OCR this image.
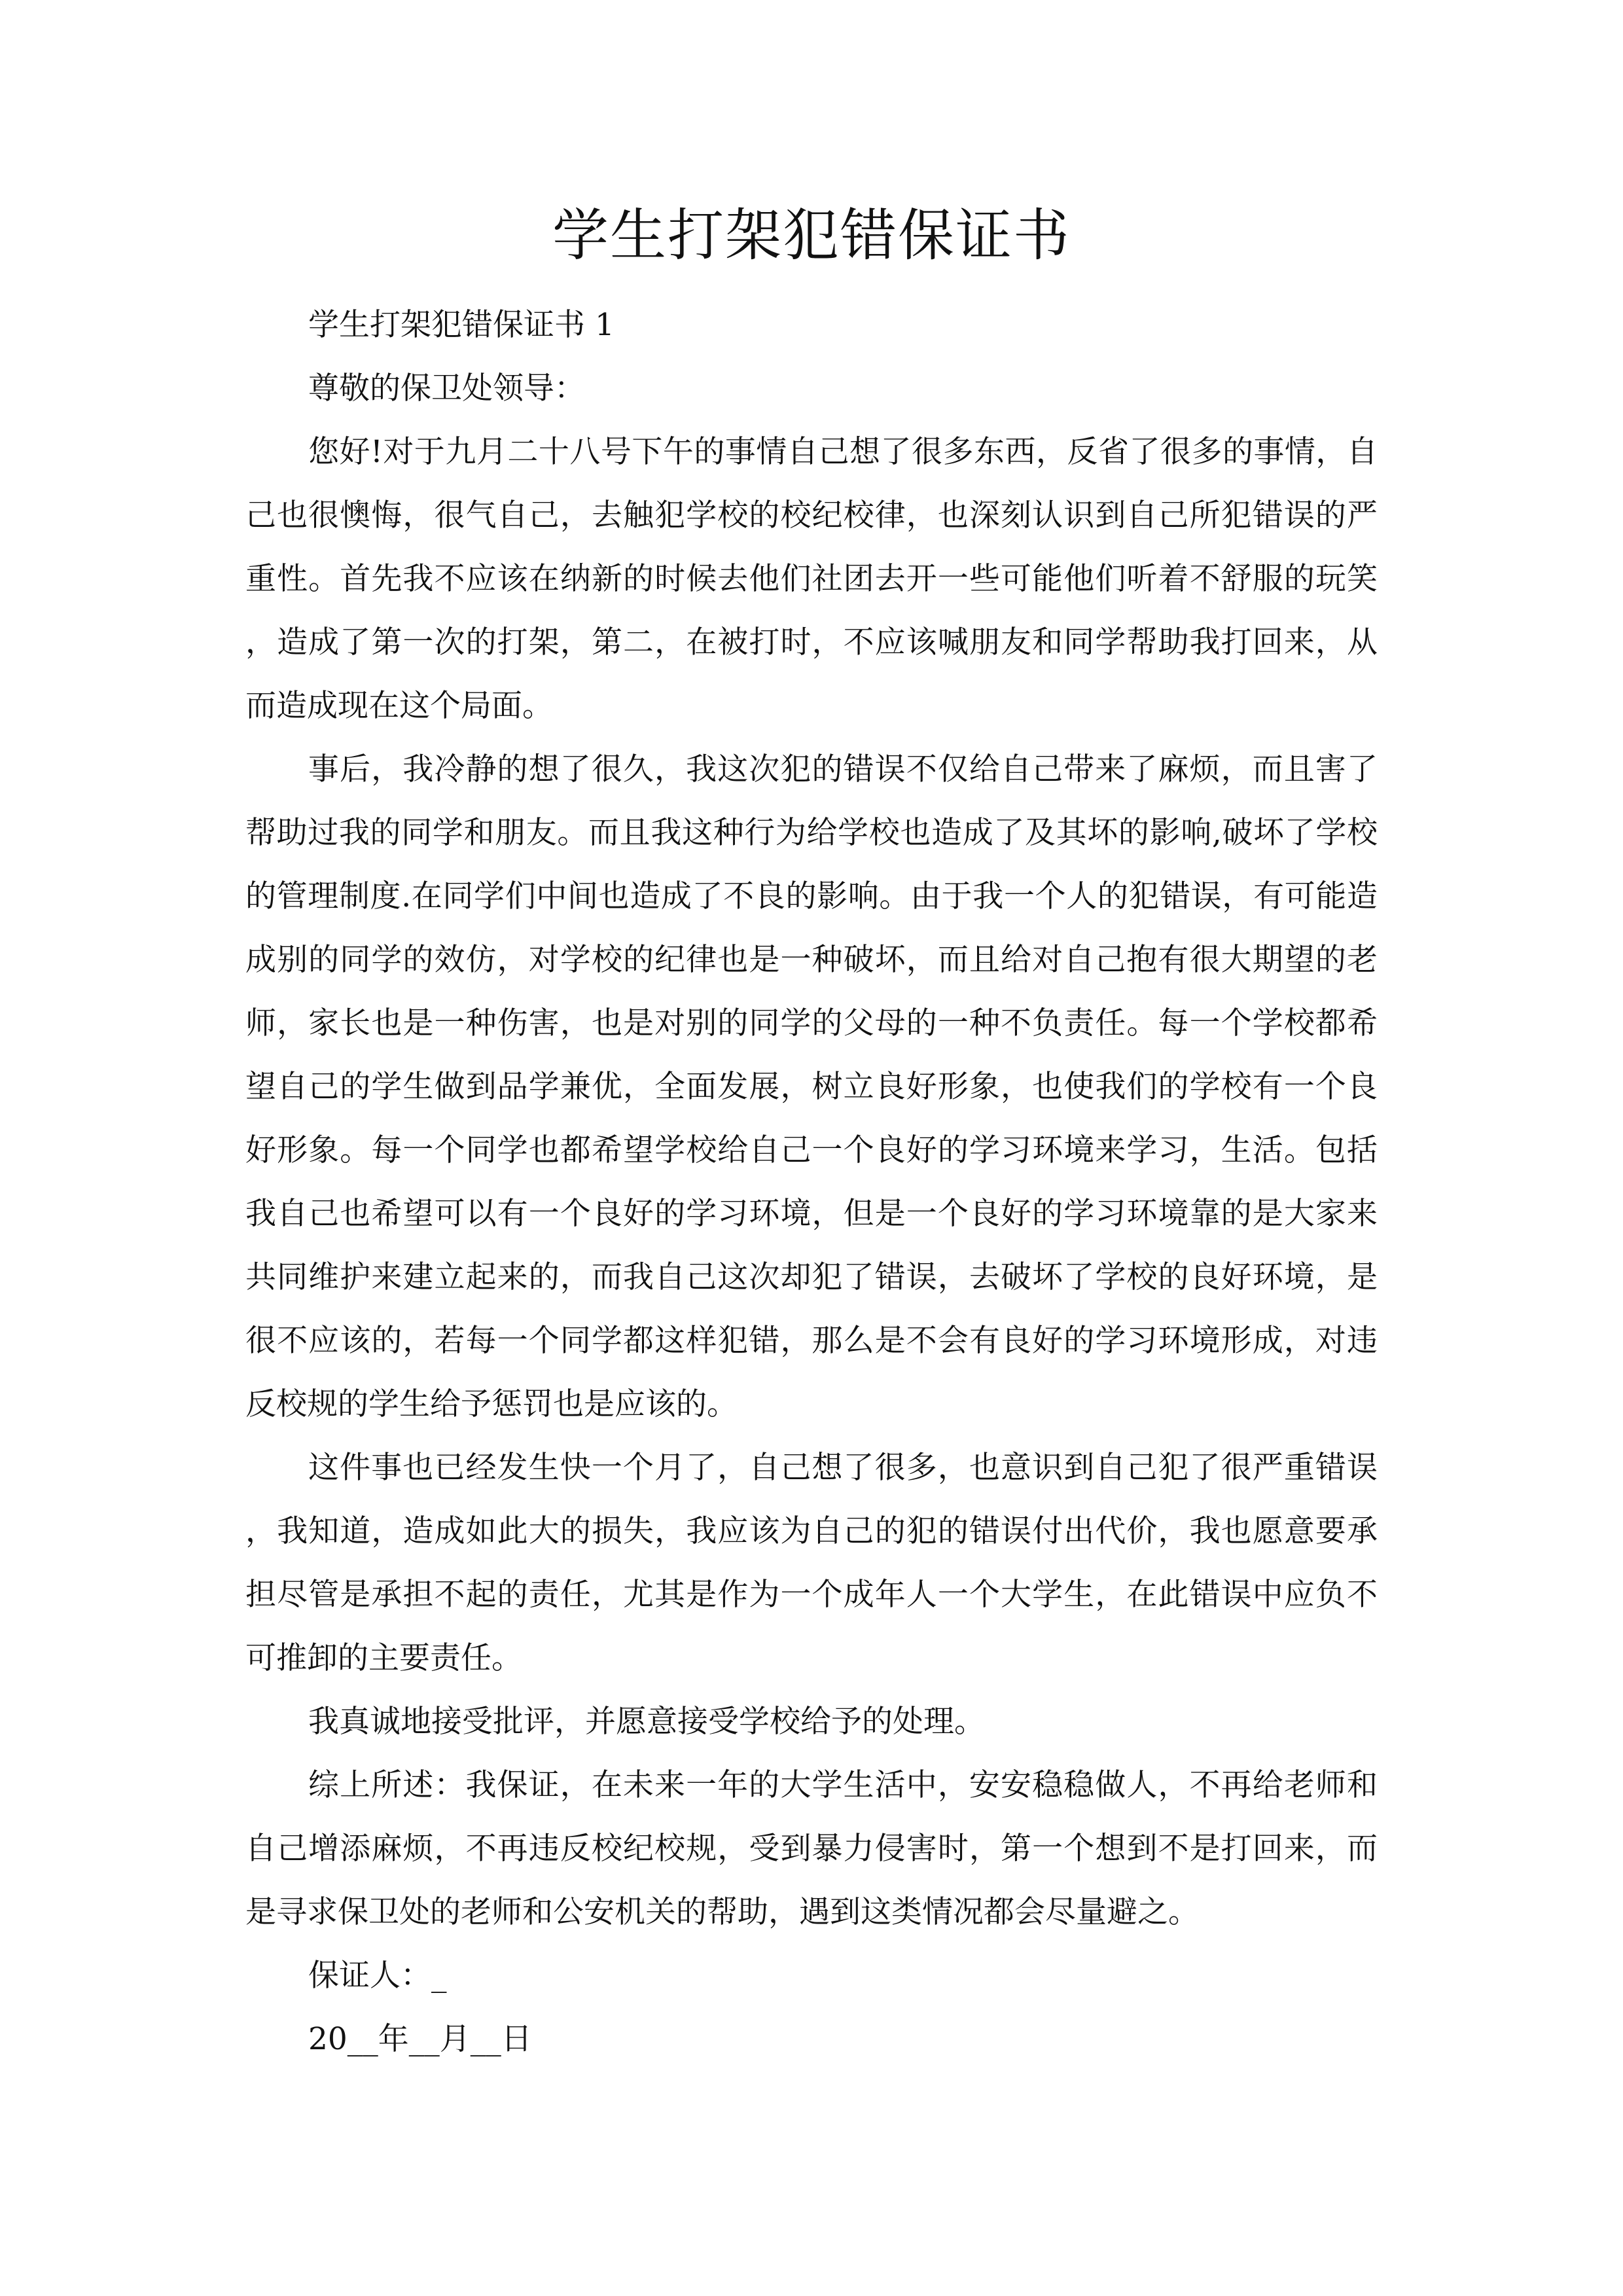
学生打架犯错保证书

学生打架犯错保证书 1

尊敬的保卫处领导：

您好!对于九月二十八号下午的事情自己想了很多东西，反省了很多的事情，自己也很懊悔，很气自己，去触犯学校的校纪校律，也深刻认识到自己所犯错误的严重性。首先我不应该在纳新的时候去他们社团去开一些可能他们听着不舒服的玩笑，造成了第一次的打架，第二，在被打时，不应该喊朋友和同学帮助我打回来，从而造成现在这个局面。

事后，我冷静的想了很久，我这次犯的错误不仅给自己带来了麻烦，而且害了帮助过我的同学和朋友。而且我这种行为给学校也造成了及其坏的影响,破坏了学校的管理制度.在同学们中间也造成了不良的影响。由于我一个人的犯错误，有可能造成别的同学的效仿，对学校的纪律也是一种破坏，而且给对自己抱有很大期望的老师，家长也是一种伤害，也是对别的同学的父母的一种不负责任。每一个学校都希望自己的学生做到品学兼优，全面发展，树立良好形象，也使我们的学校有一个良好形象。每一个同学也都希望学校给自己一个良好的学习环境来学习，生活。包括我自己也希望可以有一个良好的学习环境，但是一个良好的学习环境靠的是大家来共同维护来建立起来的，而我自己这次却犯了错误，去破坏了学校的良好环境，是很不应该的，若每一个同学都这样犯错，那么是不会有良好的学习环境形成，对违反校规的学生给予惩罚也是应该的。

这件事也已经发生快一个月了，自己想了很多，也意识到自己犯了很严重错误，我知道，造成如此大的损失，我应该为自己的犯的错误付出代价，我也愿意要承担尽管是承担不起的责任，尤其是作为一个成年人一个大学生，在此错误中应负不可推卸的主要责任。

我真诚地接受批评，并愿意接受学校给予的处理。

综上所述：我保证，在未来一年的大学生活中，安安稳稳做人，不再给老师和自己增添麻烦，不再违反校纪校规，受到暴力侵害时，第一个想到不是打回来，而是寻求保卫处的老师和公安机关的帮助，遇到这类情况都会尽量避之。

保证人：_

20__年__月__日
